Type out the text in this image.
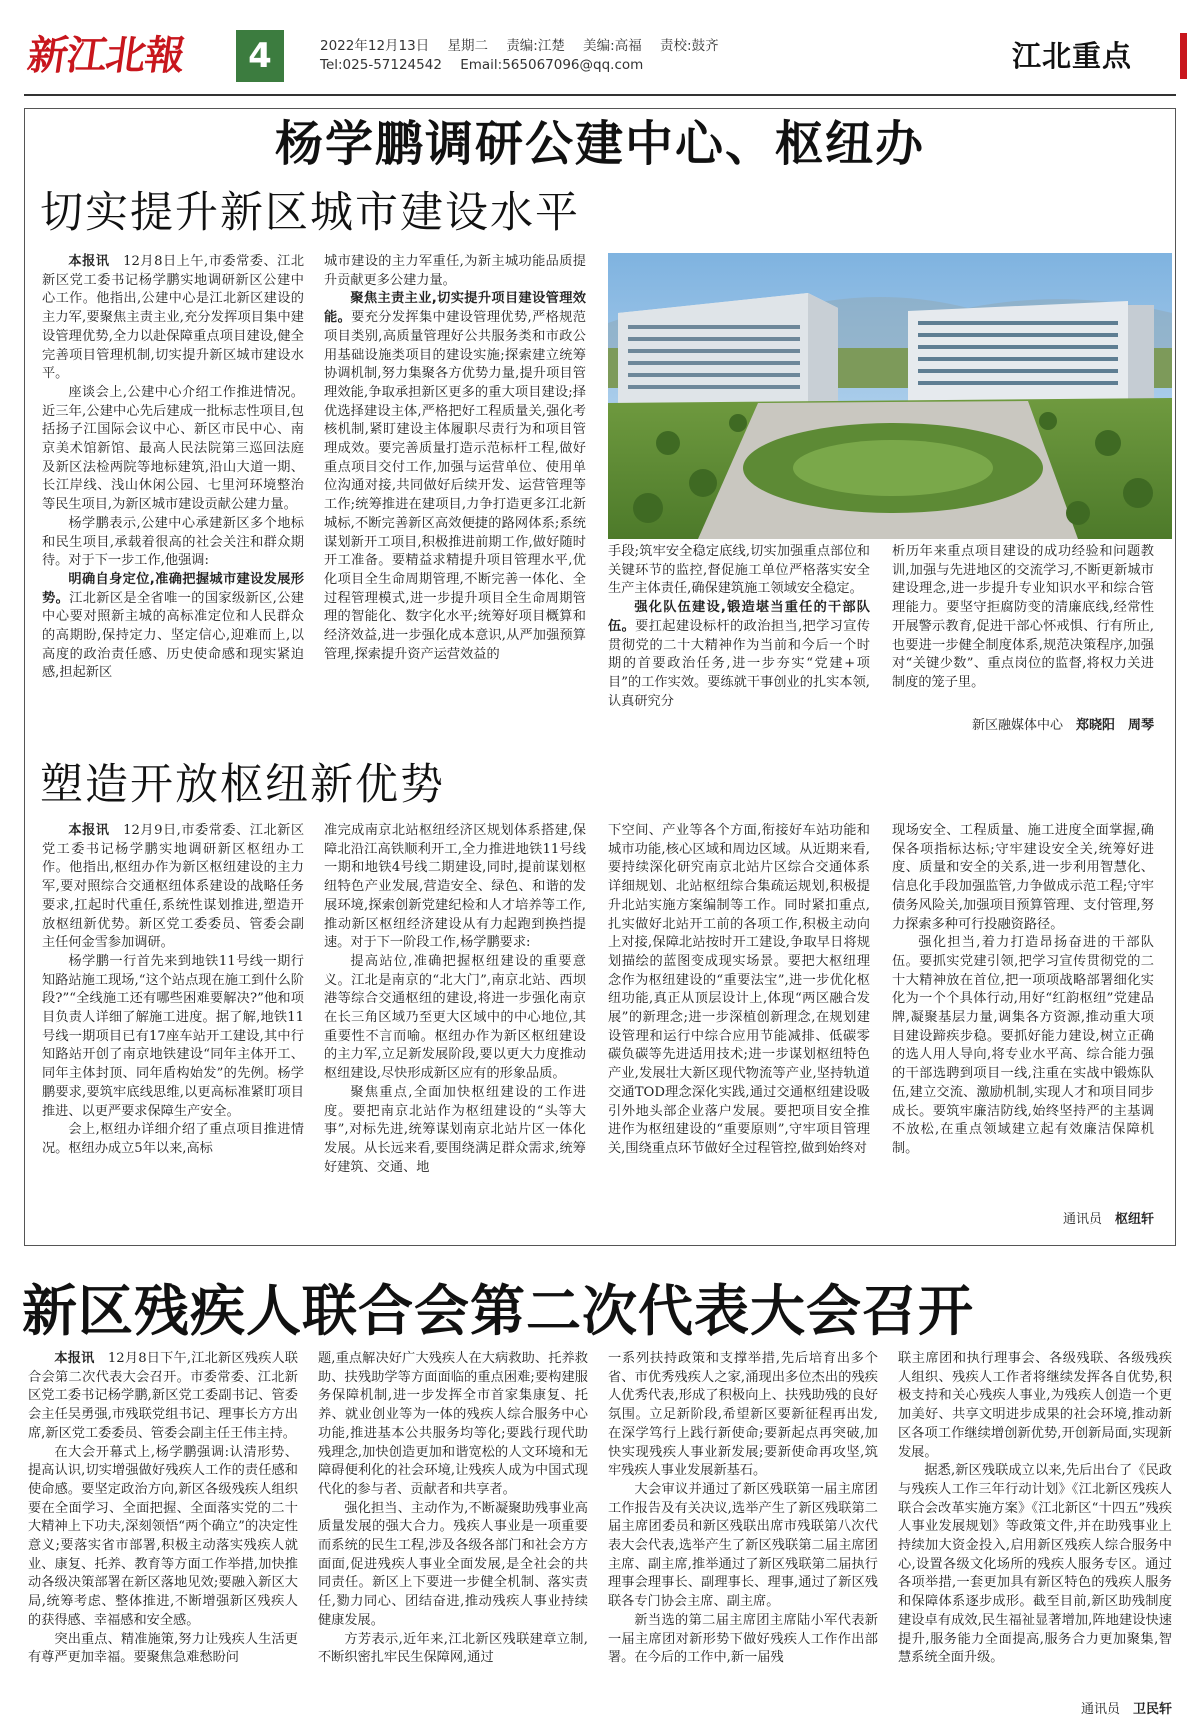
新江北報	4	2022年12月13日 星期二 责编:江楚 美编:高福 责校:鼓齐
Tel:025-57124542 Email:565067096@qq.com	江北重点
杨学鹏调研公建中心、枢纽办
切实提升新区城市建设水平

本报讯　12月8日上午,市委常委、江北新区党工委书记杨学鹏实地调研新区公建中心工作。他指出,公建中心是江北新区建设的主力军,要聚焦主责主业,充分发挥项目集中建设管理优势,全力以赴保障重点项目建设,健全完善项目管理机制,切实提升新区城市建设水平。

座谈会上,公建中心介绍工作推进情况。近三年,公建中心先后建成一批标志性项目,包括扬子江国际会议中心、新区市民中心、南京美术馆新馆、最高人民法院第三巡回法庭及新区法检两院等地标建筑,沿山大道一期、长江岸线、浅山休闲公园、七里河环境整治等民生项目,为新区城市建设贡献公建力量。

杨学鹏表示,公建中心承建新区多个地标和民生项目,承载着很高的社会关注和群众期待。对于下一步工作,他强调:

明确自身定位,准确把握城市建设发展形势。江北新区是全省唯一的国家级新区,公建中心要对照新主城的高标准定位和人民群众的高期盼,保持定力、坚定信心,迎难而上,以高度的政治责任感、历史使命感和现实紧迫感,担起新区

城市建设的主力军重任,为新主城功能品质提升贡献更多公建力量。

聚焦主责主业,切实提升项目建设管理效能。要充分发挥集中建设管理优势,严格规范项目类别,高质量管理好公共服务类和市政公用基础设施类项目的建设实施;探索建立统筹协调机制,努力集聚各方优势力量,提升项目管理效能,争取承担新区更多的重大项目建设;择优选择建设主体,严格把好工程质量关,强化考核机制,紧盯建设主体履职尽责行为和项目管理成效。要完善质量打造示范标杆工程,做好重点项目交付工作,加强与运营单位、使用单位沟通对接,共同做好后续开发、运营管理等工作;统筹推进在建项目,力争打造更多江北新城标,不断完善新区高效便捷的路网体系;系统谋划新开工项目,积极推进前期工作,做好随时开工准备。要精益求精提升项目管理水平,优化项目全生命周期管理,不断完善一体化、全过程管理模式,进一步提升项目全生命周期管理的智能化、数字化水平;统筹好项目概算和经济效益,进一步强化成本意识,从严加强预算管理,探索提升资产运营效益的

手段;筑牢安全稳定底线,切实加强重点部位和关键环节的监控,督促施工单位严格落实安全生产主体责任,确保建筑施工领域安全稳定。

强化队伍建设,锻造堪当重任的干部队伍。要扛起建设标杆的政治担当,把学习宣传贯彻党的二十大精神作为当前和今后一个时期的首要政治任务,进一步夯实“党建+项目”的工作实效。要练就干事创业的扎实本领,认真研究分

析历年来重点项目建设的成功经验和问题教训,加强与先进地区的交流学习,不断更新城市建设理念,进一步提升专业知识水平和综合管理能力。要坚守拒腐防变的清廉底线,经常性开展警示教育,促进干部心怀戒惧、行有所止,也要进一步健全制度体系,规范决策程序,加强对“关键少数”、重点岗位的监督,将权力关进制度的笼子里。

新区融媒体中心　 郑晓阳　周琴
塑造开放枢纽新优势

本报讯　12月9日,市委常委、江北新区党工委书记杨学鹏实地调研新区枢纽办工作。他指出,枢纽办作为新区枢纽建设的主力军,要对照综合交通枢纽体系建设的战略任务要求,扛起时代重任,系统性谋划推进,塑造开放枢纽新优势。新区党工委委员、管委会副主任何金雪参加调研。

杨学鹏一行首先来到地铁11号线一期行知路站施工现场,“这个站点现在施工到什么阶段?”“全线施工还有哪些困难要解决?”他和项目负责人详细了解施工进度。据了解,地铁11号线一期项目已有17座车站开工建设,其中行知路站开创了南京地铁建设“同年主体开工、同年主体封顶、同年盾构始发”的先例。杨学鹏要求,要筑牢底线思维,以更高标准紧盯项目推进、以更严要求保障生产安全。

会上,枢纽办详细介绍了重点项目推进情况。枢纽办成立5年以来,高标

准完成南京北站枢纽经济区规划体系搭建,保障北沿江高铁顺利开工,全力推进地铁11号线一期和地铁4号线二期建设,同时,提前谋划枢纽特色产业发展,营造安全、绿色、和谐的发展环境,探索创新党建纪检和人才培养等工作,推动新区枢纽经济建设从有力起跑到换挡提速。对于下一阶段工作,杨学鹏要求:

提高站位,准确把握枢纽建设的重要意义。江北是南京的“北大门”,南京北站、西坝港等综合交通枢纽的建设,将进一步强化南京在长三角区域乃至更大区域中的中心地位,其重要性不言而喻。枢纽办作为新区枢纽建设的主力军,立足新发展阶段,要以更大力度推动枢纽建设,尽快形成新区应有的形象品质。

聚焦重点,全面加快枢纽建设的工作进度。要把南京北站作为枢纽建设的“头等大事”,对标先进,统筹谋划南京北站片区一体化发展。从长远来看,要围绕满足群众需求,统筹好建筑、交通、地

下空间、产业等各个方面,衔接好车站功能和城市功能,核心区域和周边区域。从近期来看,要持续深化研究南京北站片区综合交通体系详细规划、北站枢纽综合集疏运规划,积极提升北站实施方案编制等工作。同时紧扣重点,扎实做好北站开工前的各项工作,积极主动向上对接,保障北站按时开工建设,争取早日将规划描绘的蓝图变成现实场景。要把大枢纽理念作为枢纽建设的“重要法宝”,进一步优化枢纽功能,真正从顶层设计上,体现“两区融合发展”的新理念;进一步深植创新理念,在规划建设管理和运行中综合应用节能减排、低碳零碳负碳等先进适用技术;进一步谋划枢纽特色产业,发展壮大新区现代物流等产业,坚持轨道交通TOD理念深化实践,通过交通枢纽建设吸引外地头部企业落户发展。要把项目安全推进作为枢纽建设的“重要原则”,守牢项目管理关,围绕重点环节做好全过程管控,做到始终对

现场安全、工程质量、施工进度全面掌握,确保各项指标达标;守牢建设安全关,统筹好进度、质量和安全的关系,进一步利用智慧化、信息化手段加强监管,力争做成示范工程;守牢债务风险关,加强项目预算管理、支付管理,努力探索多种可行投融资路径。

强化担当,着力打造昂扬奋进的干部队伍。要抓实党建引领,把学习宣传贯彻党的二十大精神放在首位,把一项项战略部署细化实化为一个个具体行动,用好“红韵枢纽”党建品牌,凝聚基层力量,调集各方资源,推动重大项目建设蹄疾步稳。要抓好能力建设,树立正确的选人用人导向,将专业水平高、综合能力强的干部选聘到项目一线,注重在实战中锻炼队伍,建立交流、激励机制,实现人才和项目同步成长。要筑牢廉洁防线,始终坚持严的主基调不放松,在重点领域建立起有效廉洁保障机制。

通讯员　 枢纽轩
新区残疾人联合会第二次代表大会召开

本报讯　12月8日下午,江北新区残疾人联合会第二次代表大会召开。市委常委、江北新区党工委书记杨学鹏,新区党工委副书记、管委会主任吴勇强,市残联党组书记、理事长方方出席,新区党工委委员、管委会副主任王伟主持。

在大会开幕式上,杨学鹏强调:认清形势、提高认识,切实增强做好残疾人工作的责任感和使命感。要坚定政治方向,新区各级残疾人组织要在全面学习、全面把握、全面落实党的二十大精神上下功夫,深刻领悟“两个确立”的决定性意义;要落实省市部署,积极主动落实残疾人就业、康复、托养、教育等方面工作举措,加快推动各级决策部署在新区落地见效;要融入新区大局,统筹考虑、整体推进,不断增强新区残疾人的获得感、幸福感和安全感。

突出重点、精准施策,努力让残疾人生活更有尊严更加幸福。要聚焦急难愁盼问

题,重点解决好广大残疾人在大病救助、托养救助、扶残助学等方面面临的重点困难;要构建服务保障机制,进一步发挥全市首家集康复、托养、就业创业等为一体的残疾人综合服务中心功能,推进基本公共服务均等化;要践行现代助残理念,加快创造更加和谐宽松的人文环境和无障碍便利化的社会环境,让残疾人成为中国式现代化的参与者、贡献者和共享者。

强化担当、主动作为,不断凝聚助残事业高质量发展的强大合力。残疾人事业是一项重要而系统的民生工程,涉及各级各部门和社会方方面面,促进残疾人事业全面发展,是全社会的共同责任。新区上下要进一步健全机制、落实责任,勠力同心、团结奋进,推动残疾人事业持续健康发展。

方芳表示,近年来,江北新区残联建章立制,不断织密扎牢民生保障网,通过

一系列扶持政策和支撑举措,先后培育出多个省、市优秀残疾人之家,涌现出多位杰出的残疾人优秀代表,形成了积极向上、扶残助残的良好氛围。立足新阶段,希望新区要新征程再出发,在深学笃行上践行新使命;要新起点再突破,加快实现残疾人事业新发展;要新使命再攻坚,筑牢残疾人事业发展新基石。

大会审议并通过了新区残联第一届主席团工作报告及有关决议,选举产生了新区残联第二届主席团委员和新区残联出席市残联第八次代表大会代表,选举产生了新区残联第二届主席团主席、副主席,推举通过了新区残联第二届执行理事会理事长、副理事长、理事,通过了新区残联各专门协会主席、副主席。

新当选的第二届主席团主席陆小军代表新一届主席团对新形势下做好残疾人工作作出部署。在今后的工作中,新一届残

联主席团和执行理事会、各级残联、各级残疾人组织、残疾人工作者将继续发挥各自优势,积极支持和关心残疾人事业,为残疾人创造一个更加美好、共享文明进步成果的社会环境,推动新区各项工作继续增创新优势,开创新局面,实现新发展。

据悉,新区残联成立以来,先后出台了《民政与残疾人工作三年行动计划》《江北新区残疾人联合会改革实施方案》《江北新区“十四五”残疾人事业发展规划》等政策文件,并在助残事业上持续加大资金投入,启用新区残疾人综合服务中心,设置各级文化场所的残疾人服务专区。通过各项举措,一套更加具有新区特色的残疾人服务和保障体系逐步成形。截至目前,新区助残制度建设卓有成效,民生福祉显著增加,阵地建设快速提升,服务能力全面提高,服务合力更加聚集,智慧系统全面升级。

通讯员　 卫民轩
